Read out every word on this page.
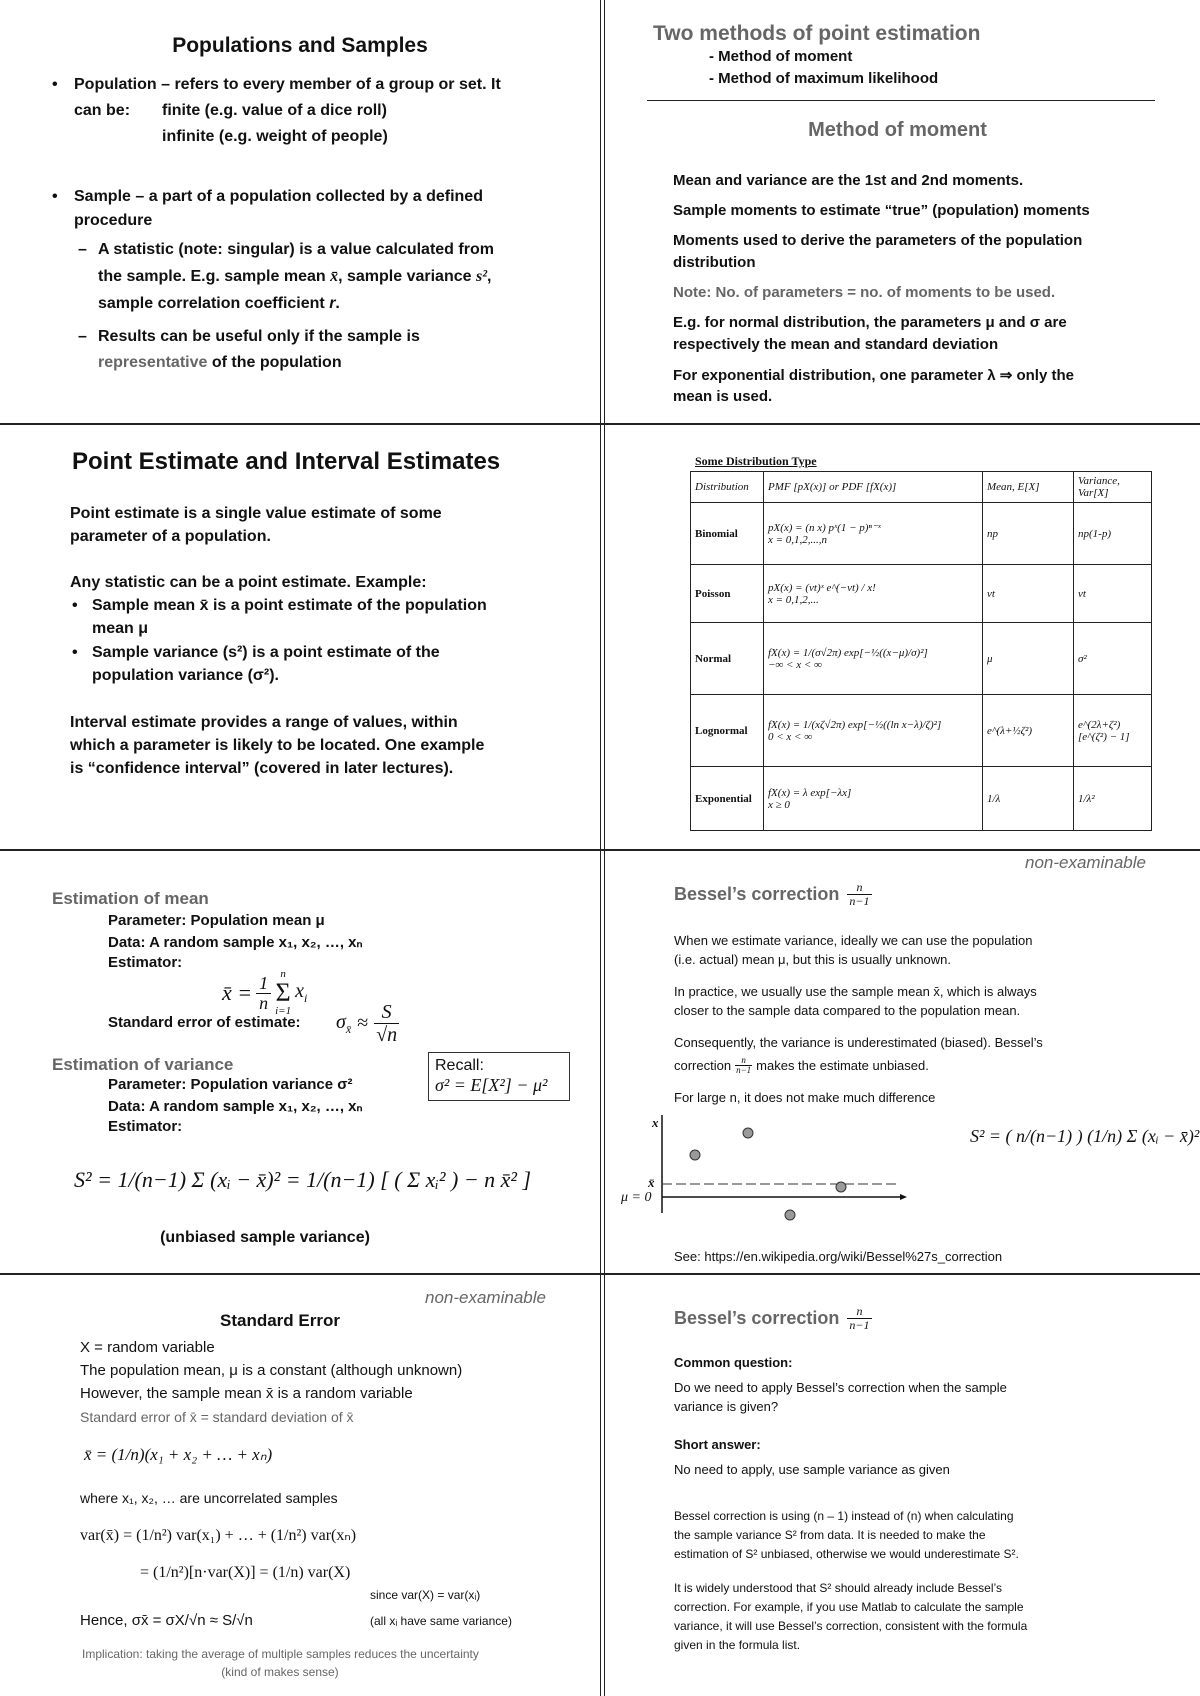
Populations and Samples
• Population – refers to every member of a group or set. It
can be: finite (e.g. value of a dice roll)
infinite (e.g. weight of people)
• Sample – a part of a population collected by a defined
procedure
– A statistic (note: singular) is a value calculated from
the sample. E.g. sample mean x̄, sample variance s²,
sample correlation coefficient r.
– Results can be useful only if the sample is
representative of the population
Two methods of point estimation
- Method of moment
- Method of maximum likelihood
Method of moment
Mean and variance are the 1st and 2nd moments.
Sample moments to estimate “true” (population) moments
Moments used to derive the parameters of the population
distribution
Note: No. of parameters = no. of moments to be used.
E.g. for normal distribution, the parameters μ and σ are
respectively the mean and standard deviation
For exponential distribution, one parameter λ ⇒ only the
mean is used.
Point Estimate and Interval Estimates
Point estimate is a single value estimate of some
parameter of a population.
Any statistic can be a point estimate. Example:
• Sample mean x̄ is a point estimate of the population
mean μ
• Sample variance (s²) is a point estimate of the
population variance (σ²).
Interval estimate provides a range of values, within
which a parameter is likely to be located. One example
is “confidence interval” (covered in later lectures).
Some Distribution Type
Distribution	PMF [pX(x)] or PDF [fX(x)]	Mean, E[X]	Variance, Var[X]
Binomial	pX(x) = (n x) pˣ(1 − p)ⁿ⁻ˣ
x = 0,1,2,...,n	np	np(1-p)
Poisson	pX(x) = (νt)ˣ e^(−νt) / x!
x = 0,1,2,...	νt	νt
Normal	fX(x) = 1/(σ√2π) exp[−½((x−μ)/σ)²]
−∞ < x < ∞	μ	σ²
Lognormal	fX(x) = 1/(xζ√2π) exp[−½((ln x−λ)/ζ)²]
0 < x < ∞	e^(λ+½ζ²)	e^(2λ+ζ²)[e^(ζ²) − 1]
Exponential	fX(x) = λ exp[−λx]
x ≥ 0	1/λ	1/λ²
Estimation of mean
Parameter: Population mean μ
Data: A random sample x₁, x₂, …, xₙ
Estimator:
x̄ = $\frac{1}{n}$ n
Σ
i=1
$x_i$
Standard error of estimate: $\sigma_{x̄} \approx \frac{S}{√n}$
Estimation of variance
Parameter: Population variance σ²
Data: A random sample x₁, x₂, …, xₙ
Estimator:
Recall:
σ² = E[X²] − μ²
S² = 1/(n−1) Σ (xᵢ − x̄)² = 1/(n−1) [ ( Σ xᵢ² ) − n x̄² ]
(unbiased sample variance)
non-examinable
Bessel’s correction $\frac{n}{n-1}$
When we estimate variance, ideally we can use the population
(i.e. actual) mean μ, but this is usually unknown.
In practice, we usually use the sample mean x̄, which is always
closer to the sample data compared to the population mean.
Consequently, the variance is underestimated (biased). Bessel’s
correction $\frac{n}{n-1}$ makes the estimate unbiased.
For large n, it does not make much difference
x
x̄
μ = 0
S² = ( n/(n−1) ) (1/n) Σ (xᵢ − x̄)²
See: https://en.wikipedia.org/wiki/Bessel%27s_correction
non-examinable
Standard Error
X = random variable
The population mean, μ is a constant (although unknown)
However, the sample mean x̄ is a random variable
Standard error of x̄ = standard deviation of x̄
x̄ = (1/n)(x₁ + x₂ + … + xₙ)
where x₁, x₂, … are uncorrelated samples
var(x̄) = (1/n²) var(x₁) + … + (1/n²) var(xₙ)
= (1/n²)[n·var(X)] = (1/n) var(X)
since var(X) = var(xᵢ)
Hence, σx̄ = σX/√n ≈ S/√n	(all xᵢ have same variance)
Implication: taking the average of multiple samples reduces the uncertainty
(kind of makes sense)
Bessel’s correction $\frac{n}{n-1}$
Common question:
Do we need to apply Bessel’s correction when the sample
variance is given?
Short answer:
No need to apply, use sample variance as given
Bessel correction is using (n – 1) instead of (n) when calculating
the sample variance S² from data. It is needed to make the
estimation of S² unbiased, otherwise we would underestimate S².
It is widely understood that S² should already include Bessel’s
correction. For example, if you use Matlab to calculate the sample
variance, it will use Bessel’s correction, consistent with the formula
given in the formula list.
